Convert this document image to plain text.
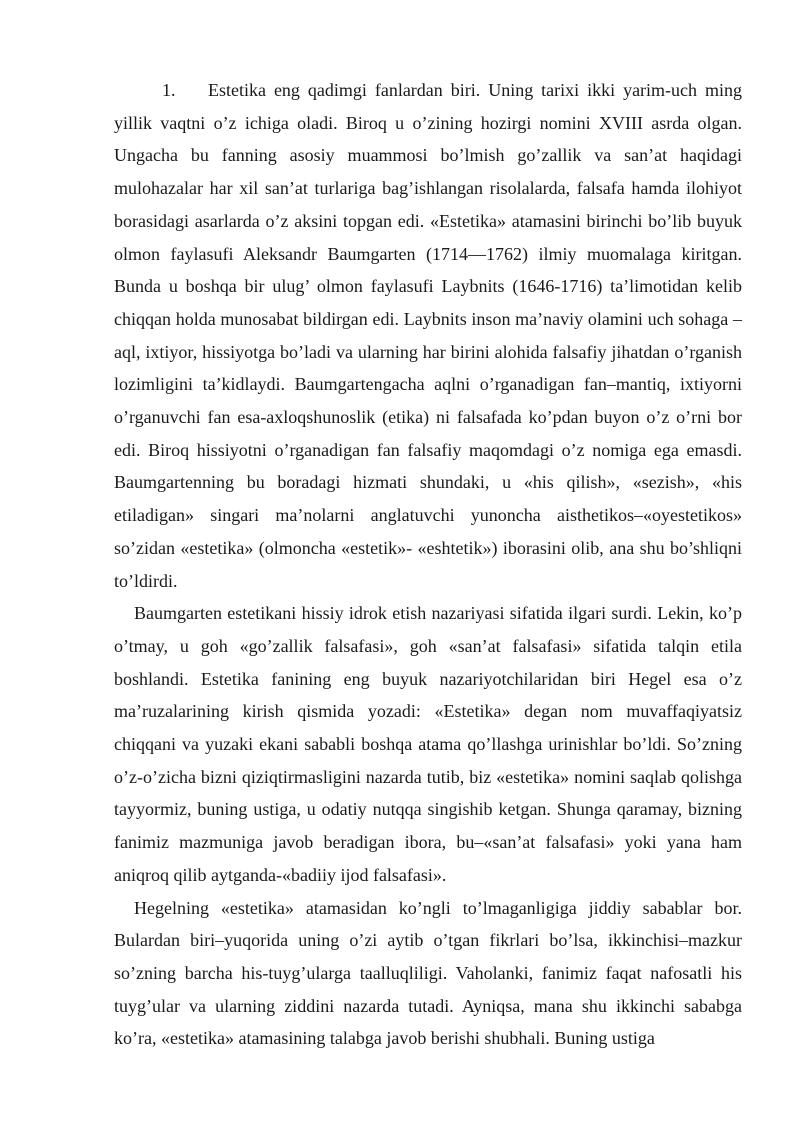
1. Estetika eng qadimgi fanlardan biri. Uning tarixi ikki yarim-uch ming yillik vaqtni o’z ichiga oladi. Biroq u o’zining hozirgi nomini XVIII asrda olgan. Ungacha bu fanning asosiy muammosi bo’lmish go’zallik va san’at haqidagi mulohazalar har xil san’at turlariga bag’ishlangan risolalarda, falsafa hamda ilohiyot borasidagi asarlarda o’z aksini topgan edi. «Estetika» atamasini birinchi bo’lib buyuk olmon faylasufi Aleksandr Baumgarten (1714—1762) ilmiy muomalaga kiritgan. Bunda u boshqa bir ulug’ olmon faylasufi Laybnits (1646-1716) ta’limotidan kelib chiqqan holda munosabat bildirgan edi. Laybnits inson ma’naviy olamini uch sohaga – aql, ixtiyor, hissiyotga bo’ladi va ularning har birini alohida falsafiy jihatdan o’rganish lozimligini ta’kidlaydi. Baumgartengacha aqlni o’rganadigan fan–mantiq, ixtiyorni o’rganuvchi fan esa-axloqshunoslik (etika) ni falsafada ko’pdan buyon o’z o’rni bor edi. Biroq hissiyotni o’rganadigan fan falsafiy maqomdagi o’z nomiga ega emasdi. Baumgartenning bu boradagi hizmati shundaki, u «his qilish», «sezish», «his etiladigan» singari ma’nolarni anglatuvchi yunoncha aisthetikos–«oyestetikos» so’zidan «estetika» (olmoncha «estetik»- «eshtetik») iborasini olib, ana shu bo’shliqni to’ldirdi.

Baumgarten estetikani hissiy idrok etish nazariyasi sifatida ilgari surdi. Lekin, ko’p o’tmay, u goh «go’zallik falsafasi», goh «san’at falsafasi» sifatida talqin etila boshlandi. Estetika fanining eng buyuk nazariyotchilaridan biri Hegel esa o’z ma’ruzalarining kirish qismida yozadi: «Estetika» degan nom muvaffaqiyatsiz chiqqani va yuzaki ekani sababli boshqa atama qo’llashga urinishlar bo’ldi. So’zning o’z-o’zicha bizni qiziqtirmasligini nazarda tutib, biz «estetika» nomini saqlab qolishga tayyormiz, buning ustiga, u odatiy nutqqa singishib ketgan. Shunga qaramay, bizning fanimiz mazmuniga javob beradigan ibora, bu–«san’at falsafasi» yoki yana ham aniqroq qilib aytganda-«badiiy ijod falsafasi».

Hegelning «estetika» atamasidan ko’ngli to’lmaganligiga jiddiy sabablar bor. Bulardan biri–yuqorida uning o’zi aytib o’tgan fikrlari bo’lsa, ikkinchisi–mazkur so’zning barcha his-tuyg’ularga taalluqliligi. Vaholanki, fanimiz faqat nafosatli his tuyg’ular va ularning ziddini nazarda tutadi. Ayniqsa, mana shu ikkinchi sababga ko’ra, «estetika» atamasining talabga javob berishi shubhali. Buning ustiga
